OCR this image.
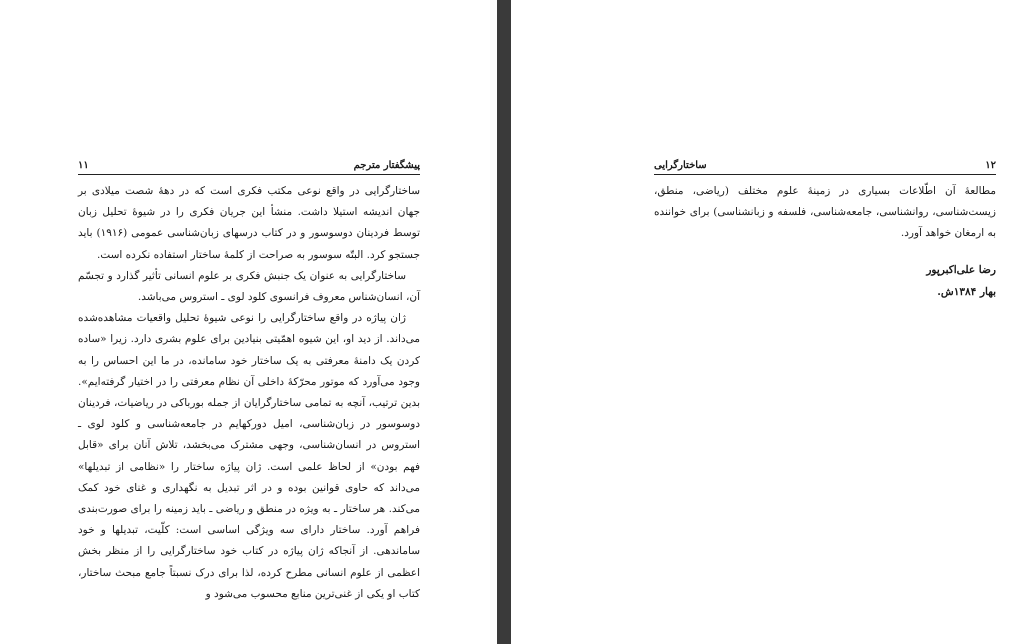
پیشگفتار مترجم
۱۱

ساختارگرایی در واقع نوعی مکتب فکری است که در دههٔ شصت میلادی بر جهان اندیشه استیلا داشت. منشأ این جریان فکری را در شیوهٔ تحلیل زبان توسط فردینان دوسوسور و در کتاب درسهای زبان‌شناسی عمومی (۱۹۱۶) باید جستجو کرد. البتّه سوسور به صراحت از کلمهٔ ساختار استفاده نکرده است.

ساختارگرایی به عنوان یک جنبش فکری بر علوم انسانی تأثیر گذارد و تجسّم آن، انسان‌شناس معروف فرانسوی کلود لوی ـ استروس می‌باشد.

ژان پیاژه در واقع ساختارگرایی را نوعی شیوهٔ تحلیل واقعیات مشاهده‌شده می‌داند. از دید او، این شیوه اهمّیتی بنیادین برای علوم بشری دارد. زیرا «ساده کردن یک دامنهٔ معرفتی به یک ساختار خود سامانده، در ما این احساس را به وجود می‌آورد که موتور محرّکهٔ داخلی آن نظام معرفتی را در اختیار گرفته‌ایم». بدین ترتیب، آنچه به تمامی ساختارگرایان از جمله بورباکی در ریاضیات، فردینان دوسوسور در زبان‌شناسی، امیل دورکهایم در جامعه‌شناسی و کلود لوی ـ استروس در انسان‌شناسی، وجهی مشترک می‌بخشد، تلاش آنان برای «قابل فهم بودن» از لحاظ علمی است. ژان پیاژه ساختار را «نظامی از تبدیلها» می‌داند که حاوی قوانین بوده و در اثر تبدیل به نگهداری و غنای خود کمک می‌کند. هر ساختار ـ به ویژه در منطق و ریاضی ـ باید زمینه را برای صورت‌بندی فراهم آورد. ساختار دارای سه ویژگی اساسی است: کلّیت، تبدیلها و خود ساماندهی. از آنجاکه ژان پیاژه در کتاب خود ساختارگرایی را از منظر بخش اعظمی از علوم انسانی مطرح کرده، لذا برای درک نسبتاً جامع مبحث ساختار، کتاب او یکی از غنی‌ترین منابع محسوب می‌شود و

۱۲
ساختارگرایی

مطالعهٔ آن اطّلاعات بسیاری در زمینهٔ علوم مختلف (ریاضی، منطق، زیست‌شناسی، روانشناسی، جامعه‌شناسی، فلسفه و زبانشناسی) برای خواننده به ارمغان خواهد آورد.

رضا علی‌اکبرپور
بهار ۱۳۸۴ش.
